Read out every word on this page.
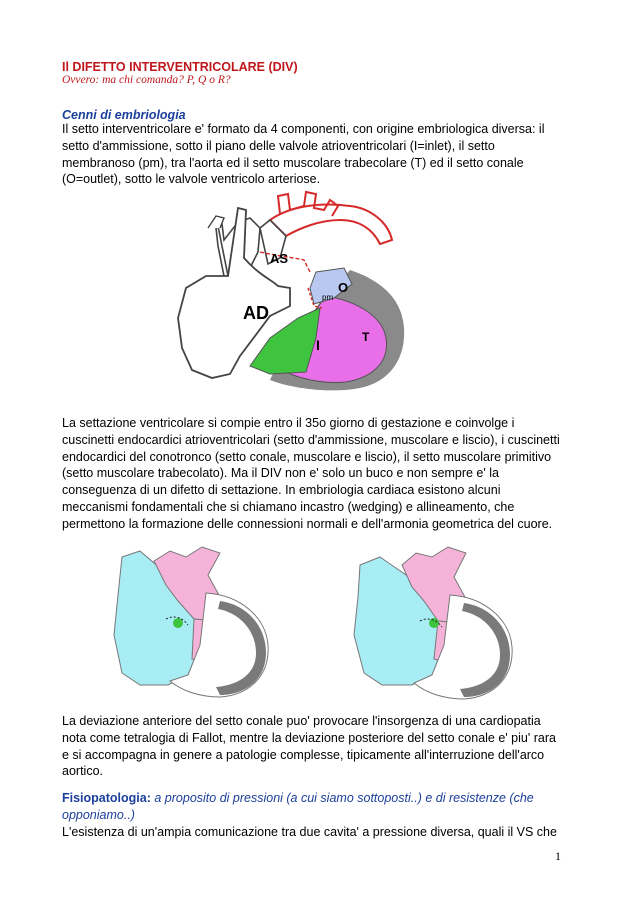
Il DIFETTO INTERVENTRICOLARE (DIV)
Ovvero: ma chi comanda? P, Q o R?
Cenni di embriologia
Il setto interventricolare e' formato da 4 componenti, con origine embriologica diversa: il
setto d'ammissione, sotto il piano delle valvole atrioventricolari (I=inlet), il setto
membranoso (pm), tra l'aorta ed il setto muscolare trabecolare (T) ed il setto conale
(O=outlet), sotto le valvole ventricolo arteriose.
AS
AD
O
pm
I	T
La settazione ventricolare si compie entro il 35o giorno di gestazione e coinvolge i
cuscinetti endocardici atrioventricolari (setto d'ammissione, muscolare e liscio), i cuscinetti
endocardici del conotronco (setto conale, muscolare e liscio), il setto muscolare primitivo
(setto muscolare trabecolato). Ma il DIV non e' solo un buco e non sempre e' la
conseguenza di un difetto di settazione. In embriologia cardiaca esistono alcuni
meccanismi fondamentali che si chiamano incastro (wedging) e allineamento, che
permettono la formazione delle connessioni normali e dell'armonia geometrica del cuore.
La deviazione anteriore del setto conale puo' provocare l'insorgenza di una cardiopatia
nota come tetralogia di Fallot, mentre la deviazione posteriore del setto conale e' piu' rara
e si accompagna in genere a patologie complesse, tipicamente all'interruzione dell'arco
aortico.
Fisiopatologia: a proposito di pressioni (a cui siamo sottoposti..) e di resistenze (che
opponiamo..)
L'esistenza di un'ampia comunicazione tra due cavita' a pressione diversa, quali il VS che
1
